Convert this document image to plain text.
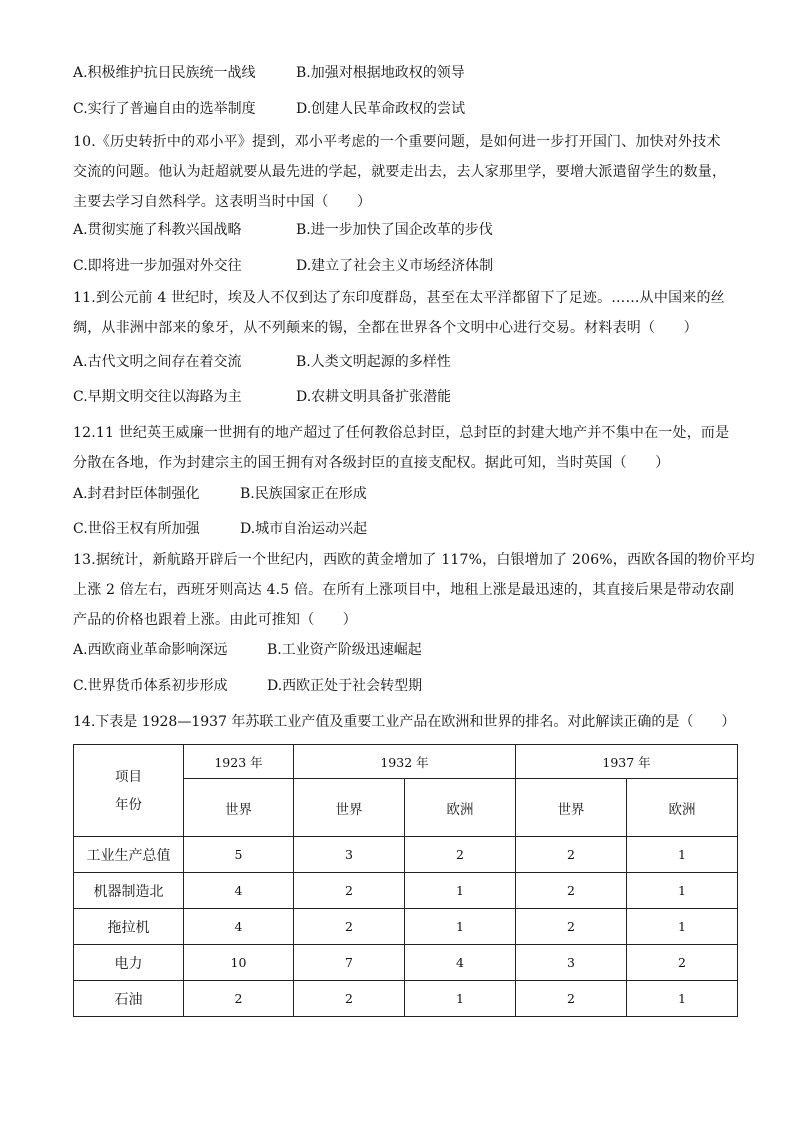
A.积极维护抗日民族统一战线	B.加强对根据地政权的领导
C.实行了普遍自由的选举制度	D.创建人民革命政权的尝试
10.《历史转折中的邓小平》提到，邓小平考虑的一个重要问题，是如何进一步打开国门、加快对外技术
交流的问题。他认为赶超就要从最先进的学起，就要走出去，去人家那里学，要增大派遣留学生的数量，
主要去学习自然科学。这表明当时中国（　　）
A.贯彻实施了科教兴国战略	B.进一步加快了国企改革的步伐
C.即将进一步加强对外交往	D.建立了社会主义市场经济体制
11.到公元前 4 世纪时，埃及人不仅到达了东印度群岛，甚至在太平洋都留下了足迹。……从中国来的丝
绸，从非洲中部来的象牙，从不列颠来的锡，全都在世界各个文明中心进行交易。材料表明（　　）
A.古代文明之间存在着交流	B.人类文明起源的多样性
C.早期文明交往以海路为主	D.农耕文明具备扩张潜能
12.11 世纪英王威廉一世拥有的地产超过了任何教俗总封臣，总封臣的封建大地产并不集中在一处，而是
分散在各地，作为封建宗主的国王拥有对各级封臣的直接支配权。据此可知，当时英国（　　）
A.封君封臣体制强化	B.民族国家正在形成
C.世俗王权有所加强	D.城市自治运动兴起
13.据统计，新航路开辟后一个世纪内，西欧的黄金增加了 117%，白银增加了 206%，西欧各国的物价平均
上涨 2 倍左右，西班牙则高达 4.5 倍。在所有上涨项目中，地租上涨是最迅速的，其直接后果是带动农副
产品的价格也跟着上涨。由此可推知（　　）
A.西欧商业革命影响深远	B.工业资产阶级迅速崛起
C.世界货币体系初步形成	D.西欧正处于社会转型期
14.下表是 1928—1937 年苏联工业产值及重要工业产品在欧洲和世界的排名。对此解读正确的是（　　）
项目
年份	1923 年	1932 年		1937 年	
	世界	世界	欧洲	世界	欧洲
工业生产总值	5	3	2	2	1
机器制造北	4	2	1	2	1
拖拉机	4	2	1	2	1
电力	10	7	4	3	2
石油	2	2	1	2	1
